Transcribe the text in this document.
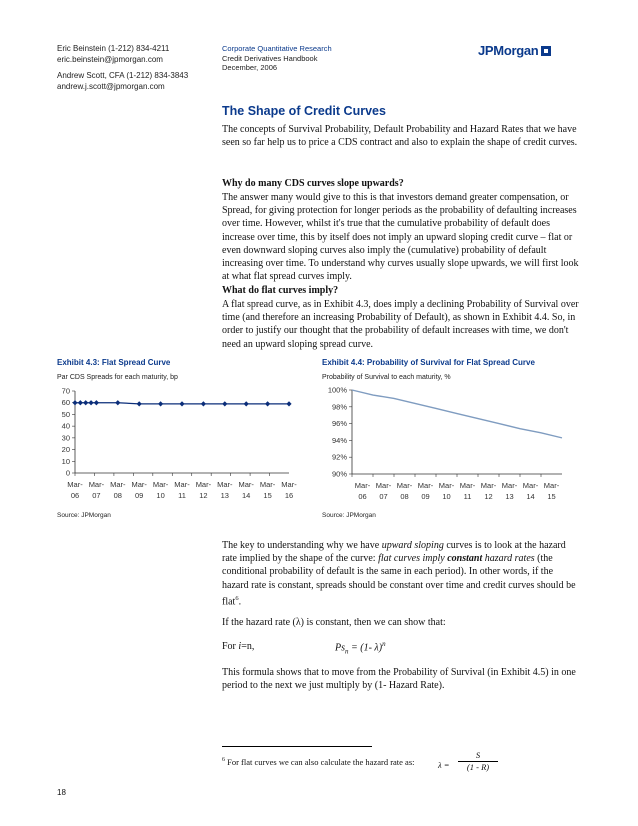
Eric Beinstein (1-212) 834-4211
eric.beinstein@jpmorgan.com
Andrew Scott, CFA (1-212) 834-3843
andrew.j.scott@jpmorgan.com
Corporate Quantitative Research
Credit Derivatives Handbook
December, 2006
JPMorgan
The Shape of Credit Curves
The concepts of Survival Probability, Default Probability and Hazard Rates that we have seen so far help us to price a CDS contract and also to explain the shape of credit curves.
Why do many CDS curves slope upwards?
The answer many would give to this is that investors demand greater compensation, or Spread, for giving protection for longer periods as the probability of defaulting increases over time. However, whilst it's true that the cumulative probability of default does increase over time, this by itself does not imply an upward sloping credit curve – flat or even downward sloping curves also imply the (cumulative) probability of default increasing over time. To understand why curves usually slope upwards, we will first look at what flat spread curves imply.
What do flat curves imply?
A flat spread curve, as in Exhibit 4.3, does imply a declining Probability of Survival over time (and therefore an increasing Probability of Default), as shown in Exhibit 4.4. So, in order to justify our thought that the probability of default increases with time, we don't need an upward sloping spread curve.
Exhibit 4.3: Flat Spread Curve
Par CDS Spreads for each maturity, bp
0
10
20
30
40
50
60
70
Mar-
06
Mar-
07
Mar-
08
Mar-
09
Mar-
10
Mar-
11
Mar-
12
Mar-
13
Mar-
14
Mar-
15
Mar-
16
Source: JPMorgan
Exhibit 4.4: Probability of Survival for Flat Spread Curve
Probability of Survival to each maturity, %
90%
92%
94%
96%
98%
100%
Mar-
06
Mar-
07
Mar-
08
Mar-
09
Mar-
10
Mar-
11
Mar-
12
Mar-
13
Mar-
14
Mar-
15
Source: JPMorgan
The key to understanding why we have upward sloping curves is to look at the hazard rate implied by the shape of the curve: flat curves imply constant hazard rates (the conditional probability of default is the same in each period). In other words, if the hazard rate is constant, spreads should be constant over time and credit curves should be flat$^6$.
If the hazard rate (λ) is constant, then we can show that:
For i=n,	$Ps_n = (1-$ λ)$^n$
This formula shows that to move from the Probability of Survival (in Exhibit 4.5) in one period to the next we just multiply by (1- Hazard Rate).
$^6$ For flat curves we can also calculate the hazard rate as:	λ =
S
(1 - R)
18
